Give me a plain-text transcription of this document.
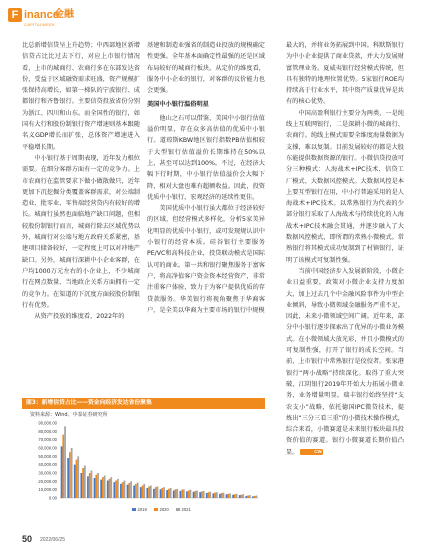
F inance
金融
CAPITALWEEK

比总新增信贷呈上升趋势；中西部地区新增信贷占比比过去下行，对应上市银行情况看，上市的城商行、农商行多在东部发达省份，受益于区域融资需求旺盛，资产规模扩张保持高增长，如第一梯队的宁波银行、成都银行和齐鲁银行。主要信贷投放省份分别为浙江、四川和山东。而全国性的银行，如国有大行和股份制银行资产增速则基本跟随名义GDP增长而扩张，总体资产增速进入平稳增长期。

中小银行基于周期表现，近年发力根位需要。在细分客群方面有一定的竞争力。上市农商行在监管要求下做小做散做只，近年更加下沉挖掘分类覆盖客群需求，对公端制造业、批零业、零售端经营贷内有较好的增长。城商行虽然也面临地产缺口问题，但相较股份制银行而言，城商行除去区域优势以外，城商行对公端与地方政府关系紧密，基建项目储备较好，一定程度上可以对冲地产缺口。另外，城商行深耕中小企业客群，在户均1000万元左右的小企业上，不少城商行在网点数量、当地政企关系方面拥有一定的竞争力。在渠道的下沉度方面较股份制银行有优势。

从资产投放的维度看，2022年的

基建和制造业强省的制造业投放的规模确定性更强。全年基本面确定性最强的还是区域布局较好的城商行板块。从定价的维度看，服务中小企业的银行，对客群的议价能力也会更强。

美国中小银行温俗明星

他山之石可以借鉴，美国中小银行估值溢价明显，存在众多高估值的优质中小银行。道琼斯KBW地区银行指数PB估值相较于大型银行估值溢价长期维持在50%以上，甚至可以达到100%。不过，在经济大幅下行时期，中小银行估值溢价会大幅下降，相对大盘也难有超额收益。因此，投资优质中小银行，宏观经济的延续性更佳。

美国优质中小银行虽大都位于经济较好的区域，但经营模式多样化，分析5家美异化明显的优质中小银行，或可发现规认识中小银行的经营本质。硅谷银行主要服务PE/VC和高科技企业，投贷联动模式是国际认可的商业。第一共和银行聚焦服务于富客户，将高净值客户资金资本经营资产，非常注重客户体验，致力于为客户提供优质的存贷款服务。华美银行将视角聚焦于华裔客户，是全美以华裔为主要市场的银行中规模

最大的，并将业务拓展到中国。科默斯银行为中小企业提供了商业贷款，并大力发展财富管理业务。夏威夷银行经营模式传统，但具有独特的地理位置优势。5家银行ROE均持续高于行业水平，其中资产质量优异是共有的核心优势。

中国高盈利银行主要分为两类，一是纯线上互联网银行，二是深耕小微的城商行、农商行。纯线上模式需要全维度海量数据为支撑，难以复制。目前发展较好的都是大股东能提供数据资源的银行。小微信贷投放可分三种模式：人海战术+IPC技术、信贷工厂模式、大数据风控模式。大数据风控是本上要互型银行在用，中小行普遍采用的是人海战术+IPC技术。以常熟银行为代表的少部分银行采取了人海战术与持续优化的人海战术+IPC技术融会贯通，并逐步融入了大数据风控模式，即所谓的常熟小微模式。常熟银行将其模式成功复制到了村镇银行，证明了该模式可复制性强。

当前中国经济步入发展新阶段，小微企业日益重要，政策对小微企业支持力度加大，加上过去几个中金融风险事件为中型企业倾斜，导致小微领域金融服务严重不足。因此，未来小微领域空间广阔。近年来，部分中小银行逐步探索出了优异的小微业务模式。在小微领域大放光彩，并且小微模式的可复制性强，打开了银行的成长空间。当前，上市银行中常熟银行是佼佼者。张家港银行“两小战略”持续深化。取得了重大突破，江阴银行2019年开始大力拓展小微业务，业务增量明显。瑞丰银行始终坚持“支农支小”战略，依托德国IPC微贷技术，提炼出“三分三看三重”的小微技术操作模式，综合来看，小微赛道是未来银行板块最具投资价值的赛道。银行小微赛道长期价值凸显。	CW

图3：新增信贷占比——资金向经济发达省份聚集
资料来源：Wind、中泰证券研究所
0.00
10,000.00
20,000.00
30,000.00
40,000.00
50,000.00
60,000.00
70,000.00
80,000.00
90,000.00
2019	2020	2021
50 2022/06/25
